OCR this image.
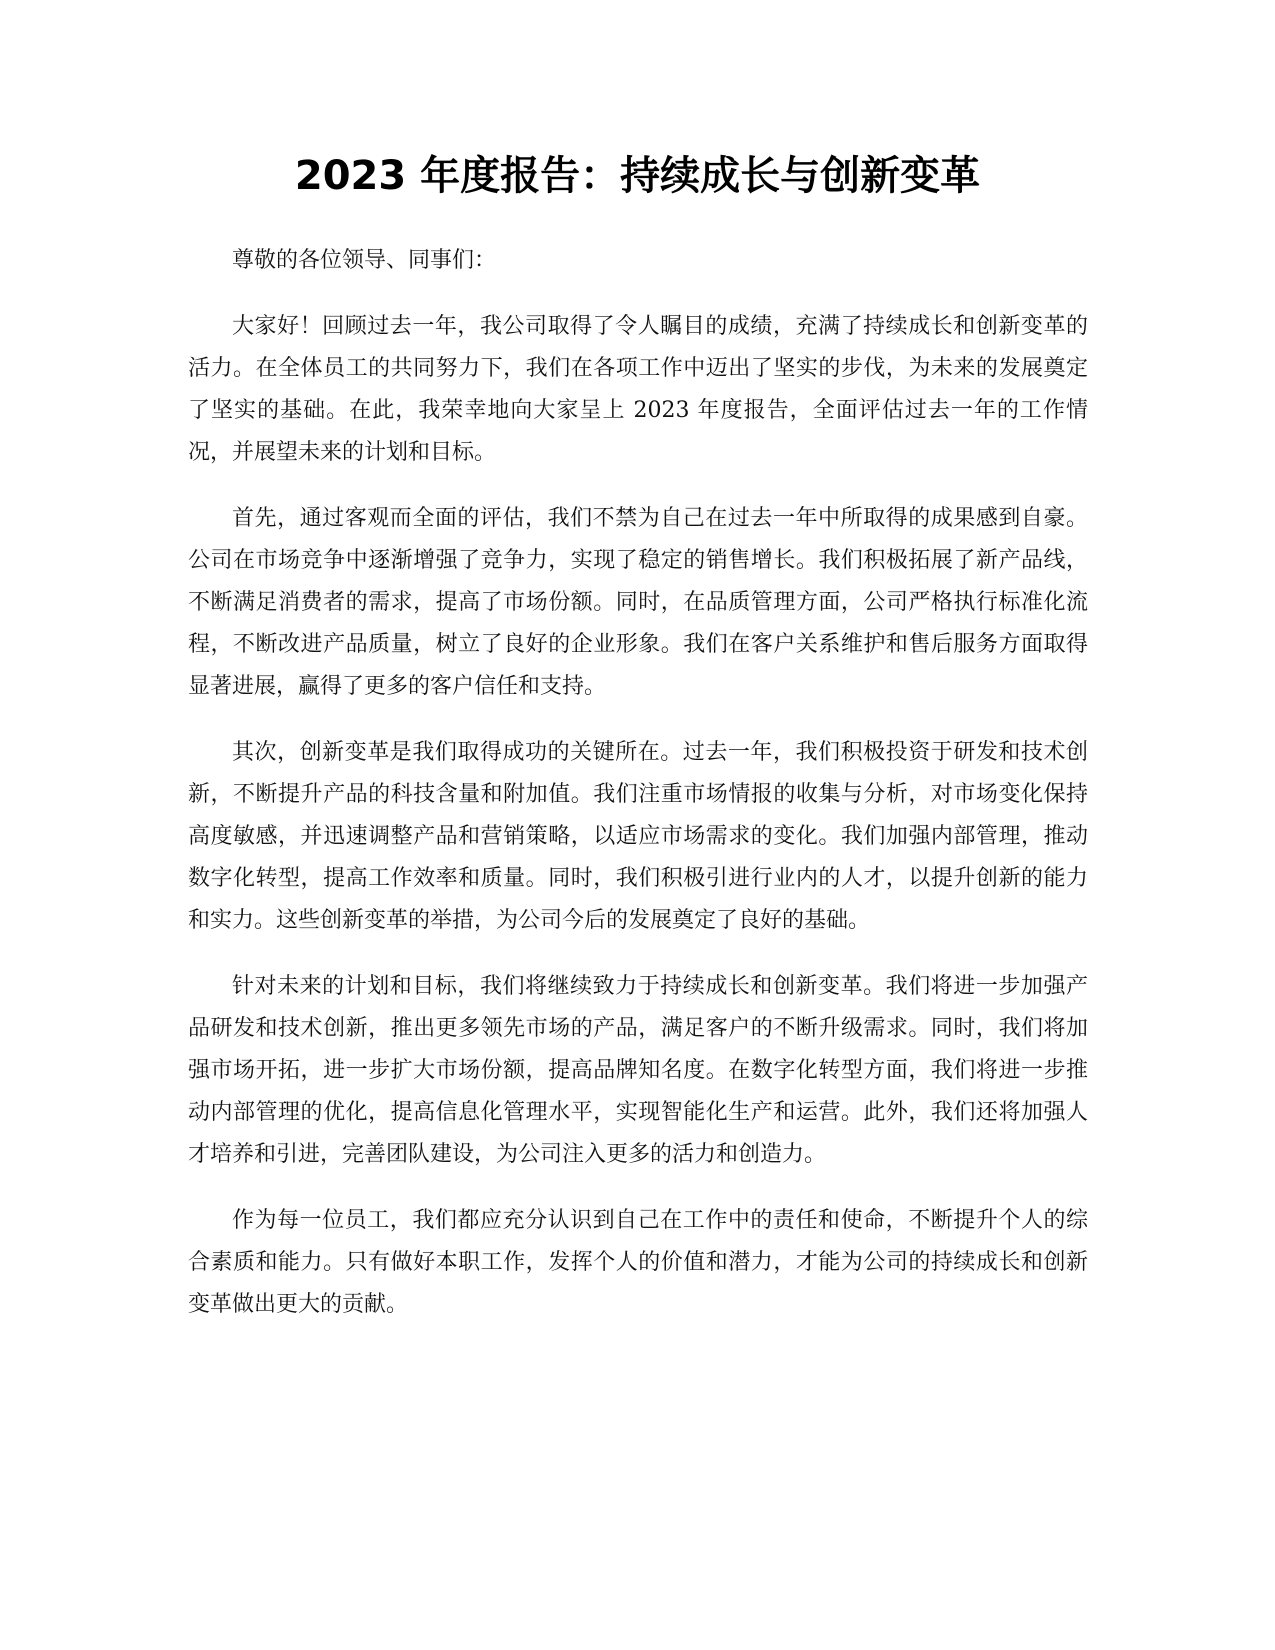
2023 年度报告：持续成长与创新变革

尊敬的各位领导、同事们：

大家好！回顾过去一年，我公司取得了令人瞩目的成绩，充满了持续成长和创新变革的活力。在全体员工的共同努力下，我们在各项工作中迈出了坚实的步伐，为未来的发展奠定了坚实的基础。在此，我荣幸地向大家呈上 2023 年度报告，全面评估过去一年的工作情况，并展望未来的计划和目标。

首先，通过客观而全面的评估，我们不禁为自己在过去一年中所取得的成果感到自豪。公司在市场竞争中逐渐增强了竞争力，实现了稳定的销售增长。我们积极拓展了新产品线，不断满足消费者的需求，提高了市场份额。同时，在品质管理方面，公司严格执行标准化流程，不断改进产品质量，树立了良好的企业形象。我们在客户关系维护和售后服务方面取得显著进展，赢得了更多的客户信任和支持。

其次，创新变革是我们取得成功的关键所在。过去一年，我们积极投资于研发和技术创新，不断提升产品的科技含量和附加值。我们注重市场情报的收集与分析，对市场变化保持高度敏感，并迅速调整产品和营销策略，以适应市场需求的变化。我们加强内部管理，推动数字化转型，提高工作效率和质量。同时，我们积极引进行业内的人才，以提升创新的能力和实力。这些创新变革的举措，为公司今后的发展奠定了良好的基础。

针对未来的计划和目标，我们将继续致力于持续成长和创新变革。我们将进一步加强产品研发和技术创新，推出更多领先市场的产品，满足客户的不断升级需求。同时，我们将加强市场开拓，进一步扩大市场份额，提高品牌知名度。在数字化转型方面，我们将进一步推动内部管理的优化，提高信息化管理水平，实现智能化生产和运营。此外，我们还将加强人才培养和引进，完善团队建设，为公司注入更多的活力和创造力。

作为每一位员工，我们都应充分认识到自己在工作中的责任和使命，不断提升个人的综合素质和能力。只有做好本职工作，发挥个人的价值和潜力，才能为公司的持续成长和创新变革做出更大的贡献。
